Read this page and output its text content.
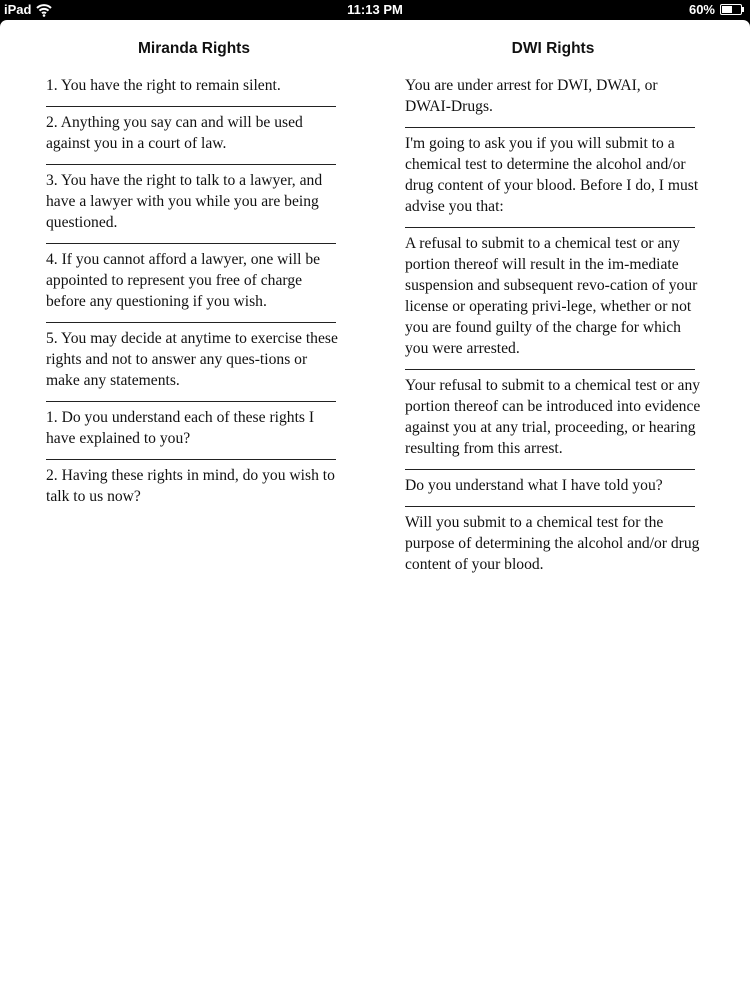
iPad	11:13 PM	60%
Miranda Rights

1. You have the right to remain silent.

2. Anything you say can and will be used against you in a court of law.

3. You have the right to talk to a lawyer, and have a lawyer with you while you are being questioned.

4. If you cannot afford a lawyer, one will be appointed to represent you free of charge before any questioning if you wish.

5. You may decide at anytime to exercise these rights and not to answer any ques-tions or make any statements.

1. Do you understand each of these rights I have explained to you?

2. Having these rights in mind, do you wish to talk to us now?

DWI Rights

You are under arrest for DWI, DWAI, or DWAI-Drugs.

I'm going to ask you if you will submit to a chemical test to determine the alcohol and/or drug content of your blood. Before I do, I must advise you that:

A refusal to submit to a chemical test or any portion thereof will result in the im-mediate suspension and subsequent revo-cation of your license or operating privi-lege, whether or not you are found guilty of the charge for which you were arrested.

Your refusal to submit to a chemical test or any portion thereof can be introduced into evidence against you at any trial, proceeding, or hearing resulting from this arrest.

Do you understand what I have told you?

Will you submit to a chemical test for the purpose of determining the alcohol and/or drug content of your blood.
